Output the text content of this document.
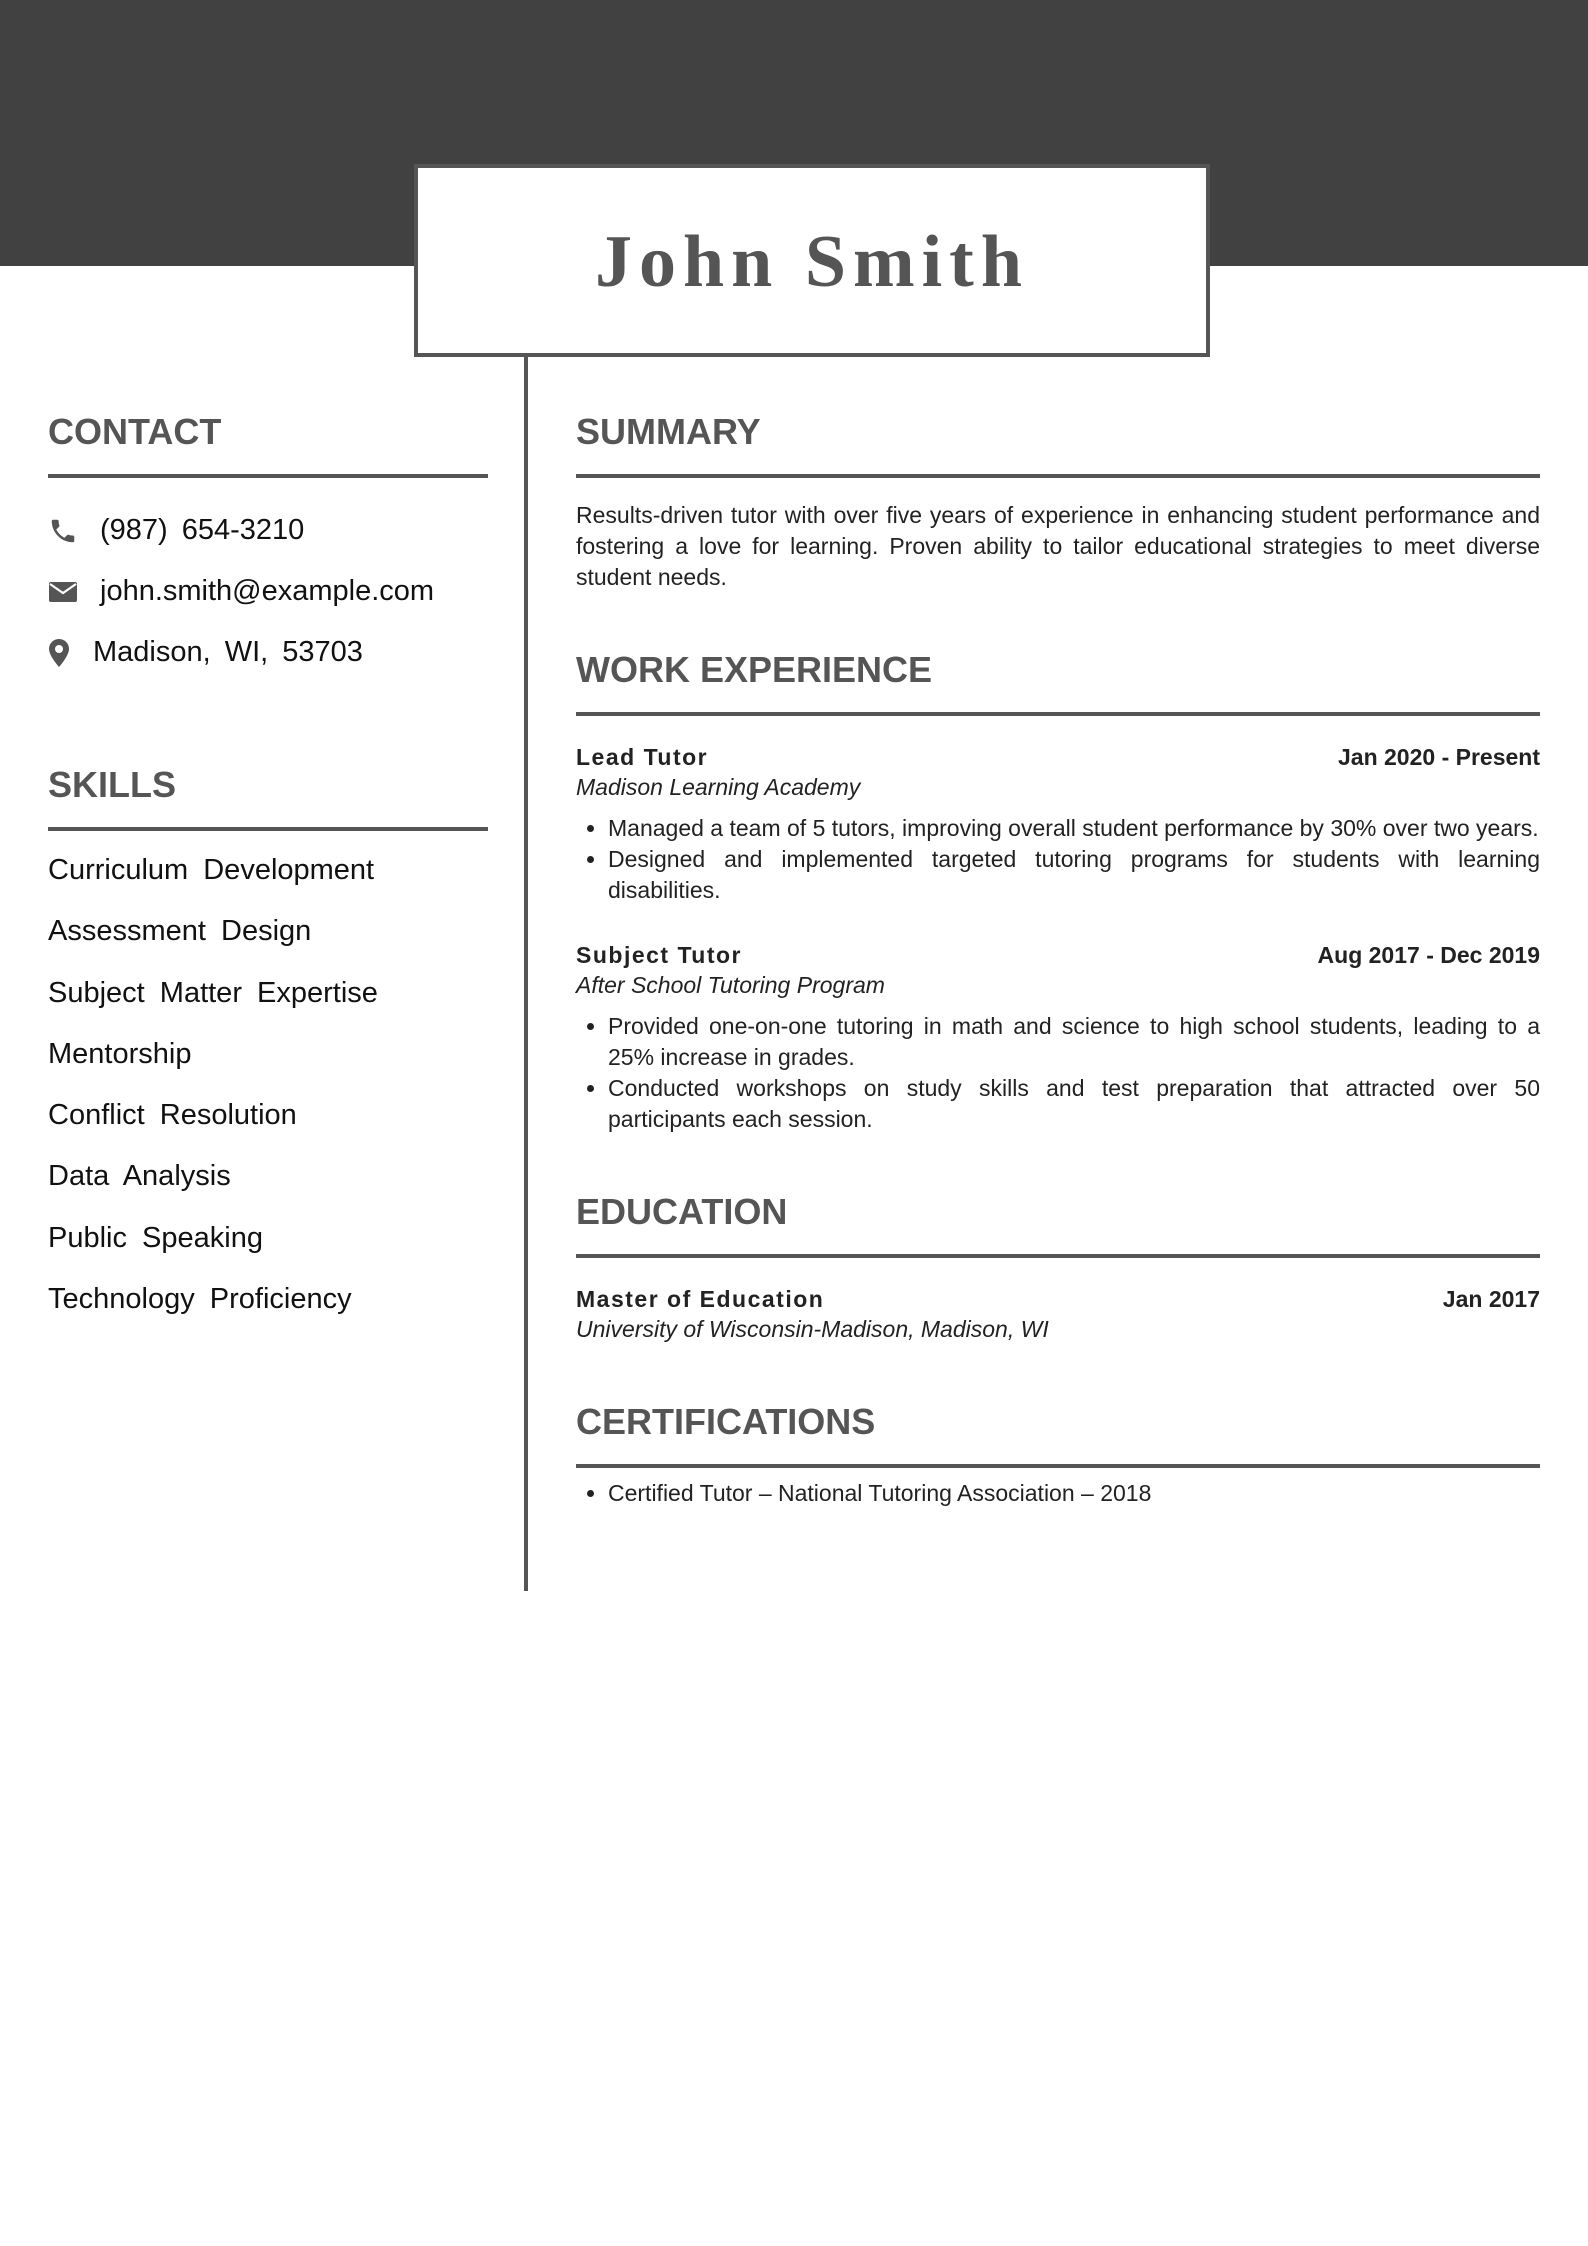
John Smith
CONTACT
(987) 654-3210
john.smith@example.com
Madison, WI, 53703
SKILLS
Curriculum Development
Assessment Design
Subject Matter Expertise
Mentorship
Conflict Resolution
Data Analysis
Public Speaking
Technology Proficiency
SUMMARY

Results-driven tutor with over five years of experience in enhancing student performance and fostering a love for learning. Proven ability to tailor educational strategies to meet diverse student needs.

WORK EXPERIENCE
Lead Tutor	Jan 2020 - Present
Madison Learning Academy
• Managed a team of 5 tutors, improving overall student performance by 30% over two years.
• Designed and implemented targeted tutoring programs for students with learning disabilities.
Subject Tutor	Aug 2017 - Dec 2019
After School Tutoring Program
• Provided one-on-one tutoring in math and science to high school students, leading to a 25% increase in grades.
• Conducted workshops on study skills and test preparation that attracted over 50 participants each session.
EDUCATION
Master of Education	Jan 2017
University of Wisconsin-Madison, Madison, WI
CERTIFICATIONS
• Certified Tutor – National Tutoring Association – 2018
